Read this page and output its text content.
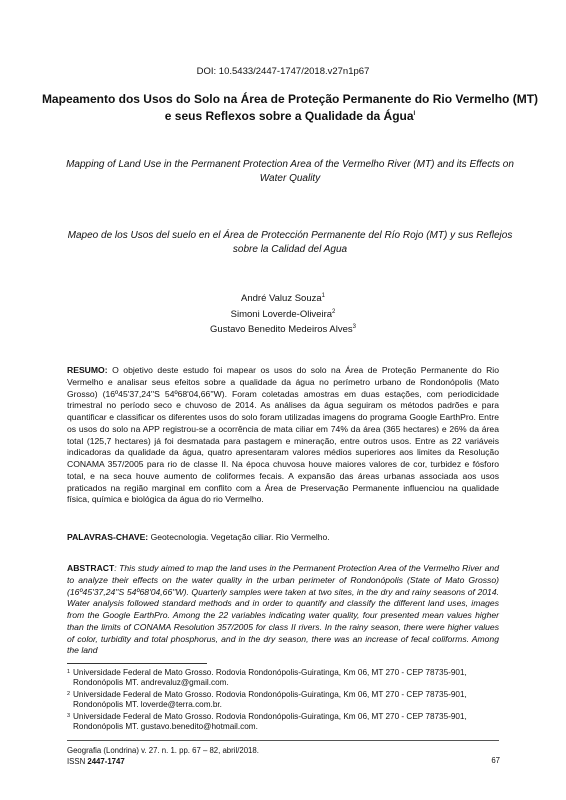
DOI: 10.5433/2447-1747/2018.v27n1p67
Mapeamento dos Usos do Solo na Área de Proteção Permanente do Rio Vermelho (MT) e seus Reflexos sobre a Qualidade da Água$^I$
Mapping of Land Use in the Permanent Protection Area of the Vermelho River (MT) and its Effects on Water Quality
Mapeo de los Usos del suelo en el Área de Protección Permanente del Río Rojo (MT) y sus Reflejos sobre la Calidad del Agua
André Valuz Souza$^1$
Simoni Loverde-Oliveira$^2$
Gustavo Benedito Medeiros Alves$^3$
RESUMO: O objetivo deste estudo foi mapear os usos do solo na Área de Proteção Permanente do Rio Vermelho e analisar seus efeitos sobre a qualidade da água no perímetro urbano de Rondonópolis (Mato Grosso) (16º45'37,24''S 54º68'04,66''W). Foram coletadas amostras em duas estações, com periodicidade trimestral no período seco e chuvoso de 2014. As análises da água seguiram os métodos padrões e para quantificar e classificar os diferentes usos do solo foram utilizadas imagens do programa Google EarthPro. Entre os usos do solo na APP registrou-se a ocorrência de mata ciliar em 74% da área (365 hectares) e 26% da área total (125,7 hectares) já foi desmatada para pastagem e mineração, entre outros usos. Entre as 22 variáveis indicadoras da qualidade da água, quatro apresentaram valores médios superiores aos limites da Resolução CONAMA 357/2005 para rio de classe II. Na época chuvosa houve maiores valores de cor, turbidez e fósforo total, e na seca houve aumento de coliformes fecais. A expansão das áreas urbanas associada aos usos praticados na região marginal em conflito com a Área de Preservação Permanente influenciou na qualidade física, química e biológica da água do rio Vermelho.
PALAVRAS-CHAVE: Geotecnologia. Vegetação ciliar. Rio Vermelho.
ABSTRACT: This study aimed to map the land uses in the Permanent Protection Area of the Vermelho River and to analyze their effects on the water quality in the urban perimeter of Rondonópolis (State of Mato Grosso) (16º45'37,24''S 54º68'04,66''W). Quarterly samples were taken at two sites, in the dry and rainy seasons of 2014. Water analysis followed standard methods and in order to quantify and classify the different land uses, images from the Google EarthPro. Among the 22 variables indicating water quality, four presented mean values higher than the limits of CONAMA Resolution 357/2005 for class II rivers. In the rainy season, there were higher values of color, turbidity and total phosphorus, and in the dry season, there was an increase of fecal coliforms. Among the land
1 Universidade Federal de Mato Grosso. Rodovia Rondonópolis-Guiratinga, Km 06, MT 270 - CEP 78735-901, Rondonópolis MT. andrevaluz@gmail.com.
2 Universidade Federal de Mato Grosso. Rodovia Rondonópolis-Guiratinga, Km 06, MT 270 - CEP 78735-901, Rondonópolis MT. loverde@terra.com.br.
3 Universidade Federal de Mato Grosso. Rodovia Rondonópolis-Guiratinga, Km 06, MT 270 - CEP 78735-901, Rondonópolis MT. gustavo.benedito@hotmail.com.
Geografia (Londrina) v. 27. n. 1. pp. 67 – 82, abril/2018.
ISSN 2447-1747	67
